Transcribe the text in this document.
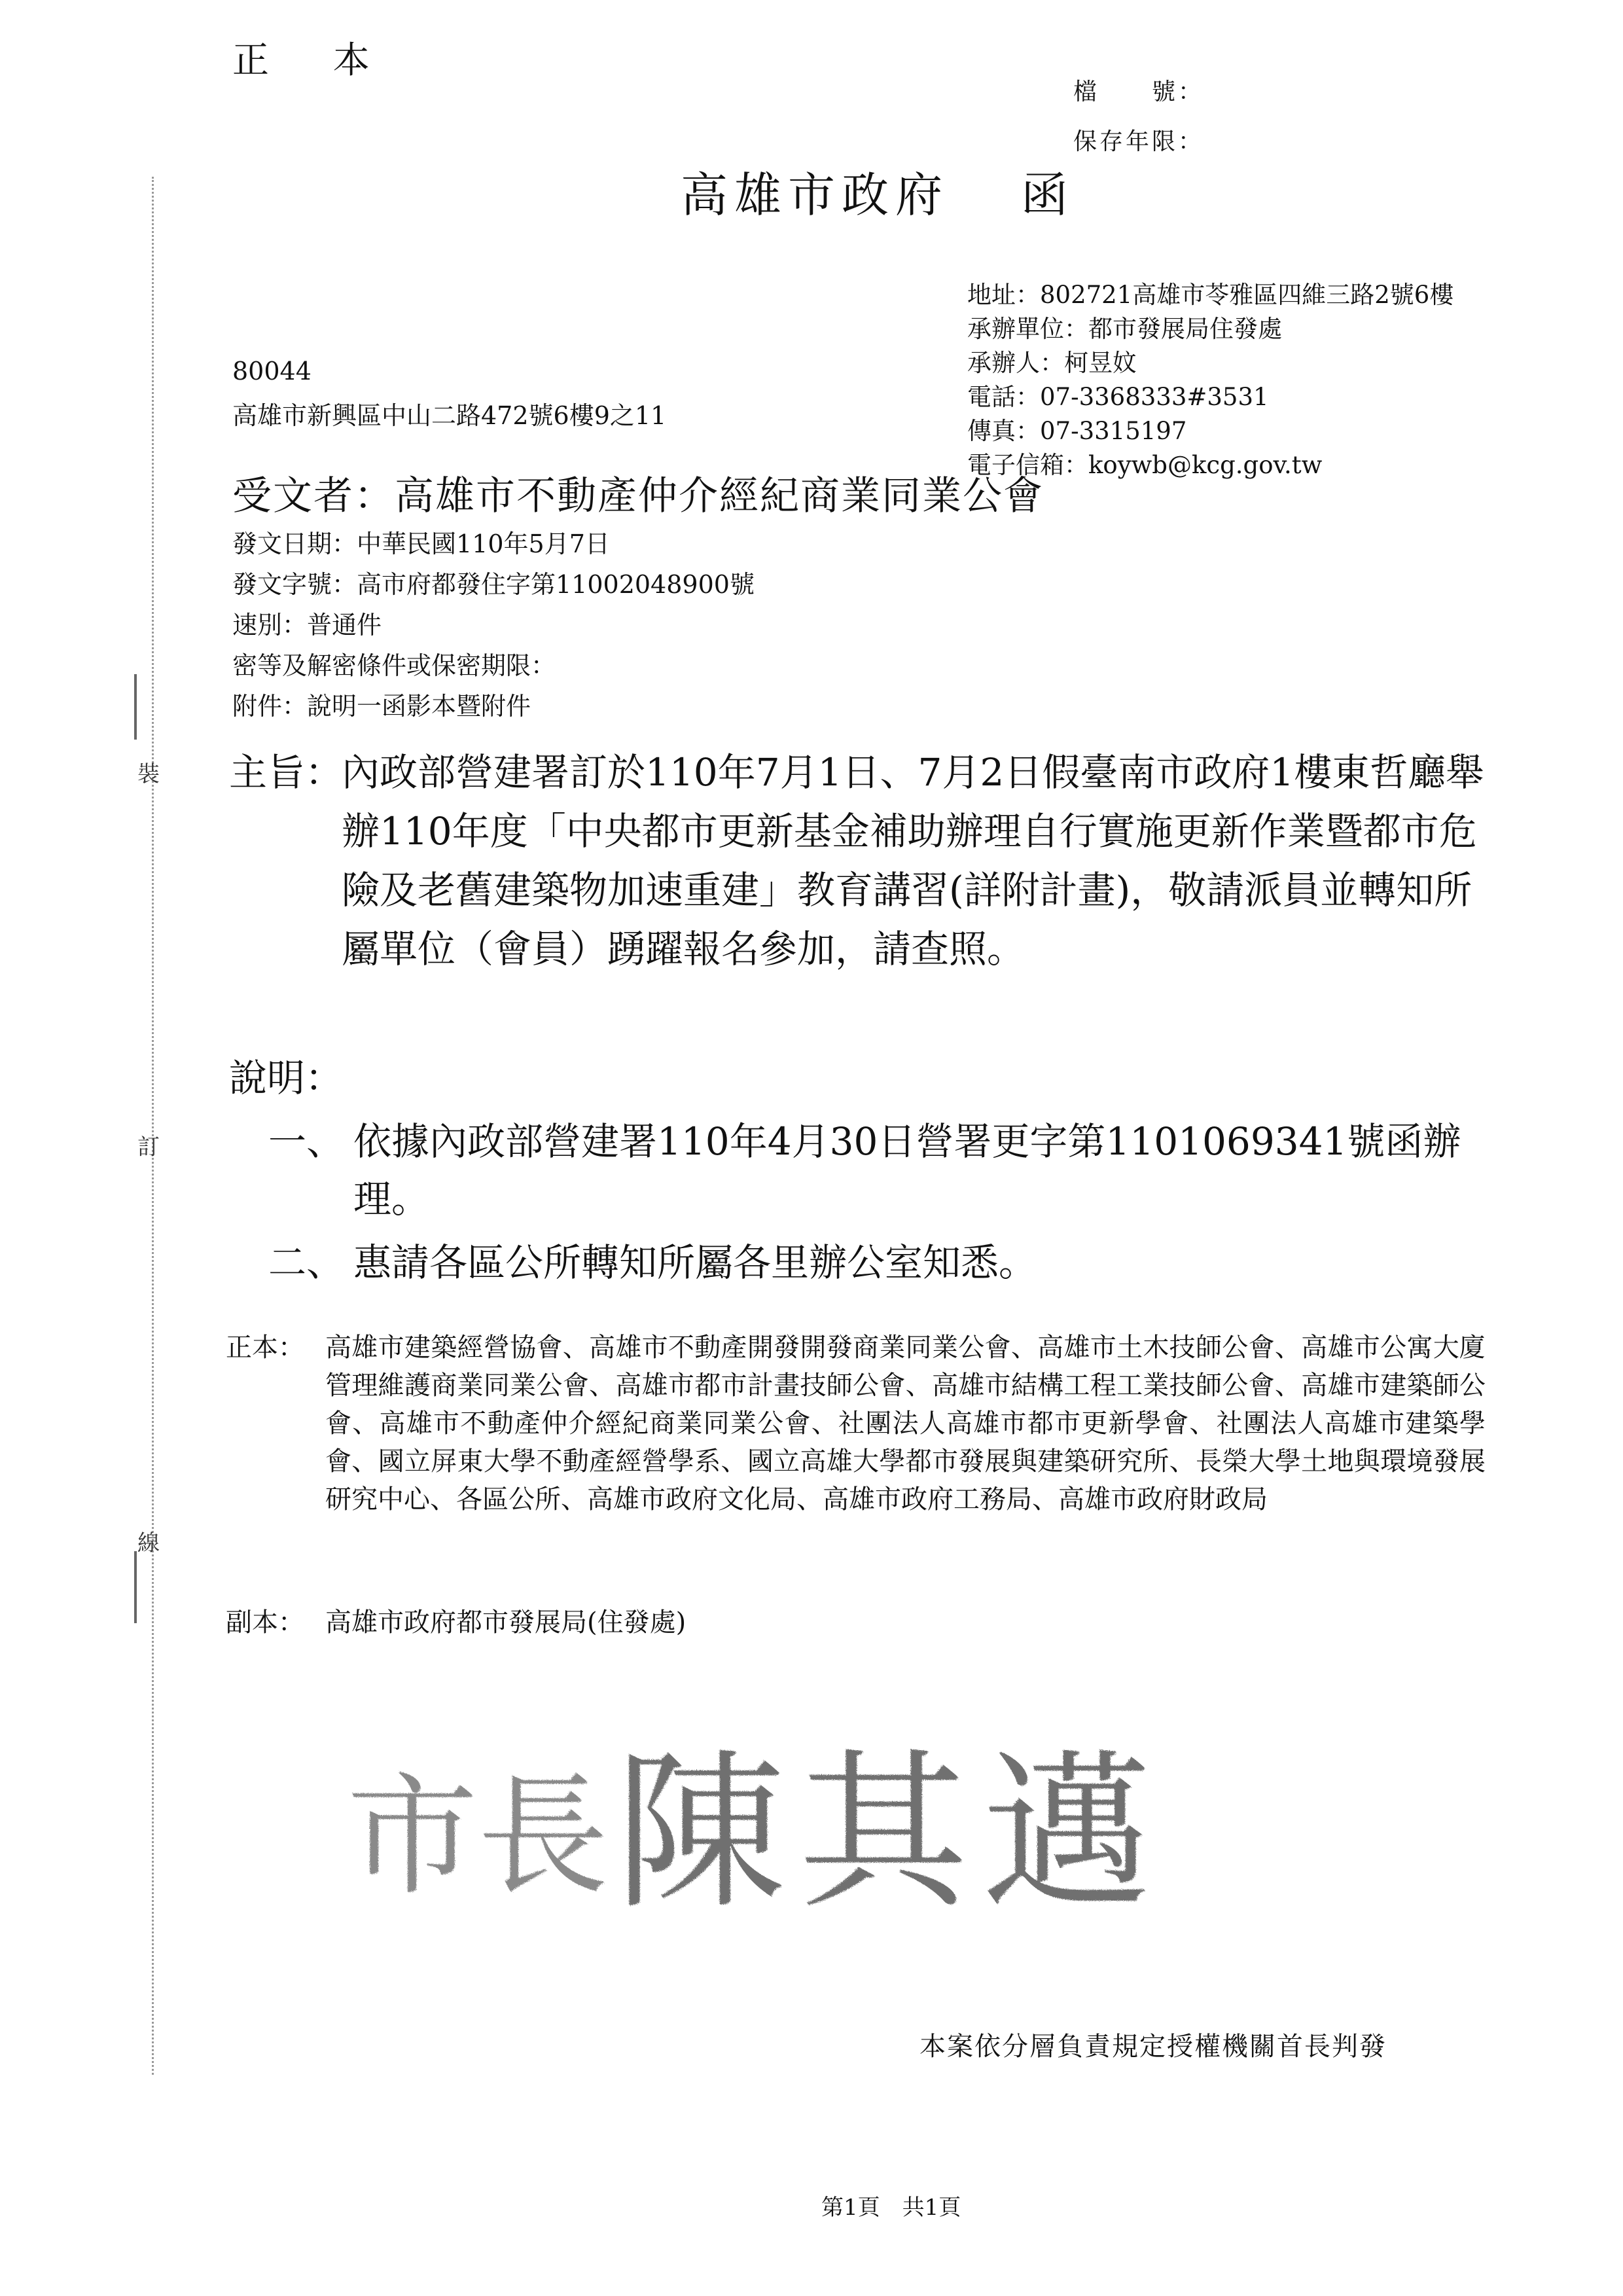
正 本
檔　　號：
保存年限：
高雄市政府 函
地址：802721高雄市苓雅區四維三路2號6樓
承辦單位：都市發展局住發處
承辦人：柯昱妏
電話：07-3368333#3531
傳真：07-3315197
電子信箱：koywb@kcg.gov.tw
80044
高雄市新興區中山二路472號6樓9之11
受文者：高雄市不動產仲介經紀商業同業公會
發文日期：中華民國110年5月7日
發文字號：高市府都發住字第11002048900號
速別：普通件
密等及解密條件或保密期限：
附件：說明一函影本暨附件
主旨：
內政部營建署訂於110年7月1日、7月2日假臺南市政府1樓東哲廳舉辦110年度「中央都市更新基金補助辦理自行實施更新作業暨都市危險及老舊建築物加速重建」教育講習(詳附計畫)，敬請派員並轉知所屬單位（會員）踴躍報名參加，請查照。
說明：
一、 依據內政部營建署110年4月30日營署更字第1101069341號函辦理。
二、 惠請各區公所轉知所屬各里辦公室知悉。
正本： 高雄市建築經營協會、高雄市不動產開發開發商業同業公會、高雄市土木技師公會、高雄市公寓大廈管理維護商業同業公會、高雄市都市計畫技師公會、高雄市結構工程工業技師公會、高雄市建築師公會、高雄市不動產仲介經紀商業同業公會、社團法人高雄市都市更新學會、社團法人高雄市建築學會、國立屏東大學不動產經營學系、國立高雄大學都市發展與建築研究所、長榮大學土地與環境發展研究中心、各區公所、高雄市政府文化局、高雄市政府工務局、高雄市政府財政局
副本： 高雄市政府都市發展局(住發處)
裝
訂
線
市長 陳其邁
本案依分層負責規定授權機關首長判發
第1頁　共1頁
